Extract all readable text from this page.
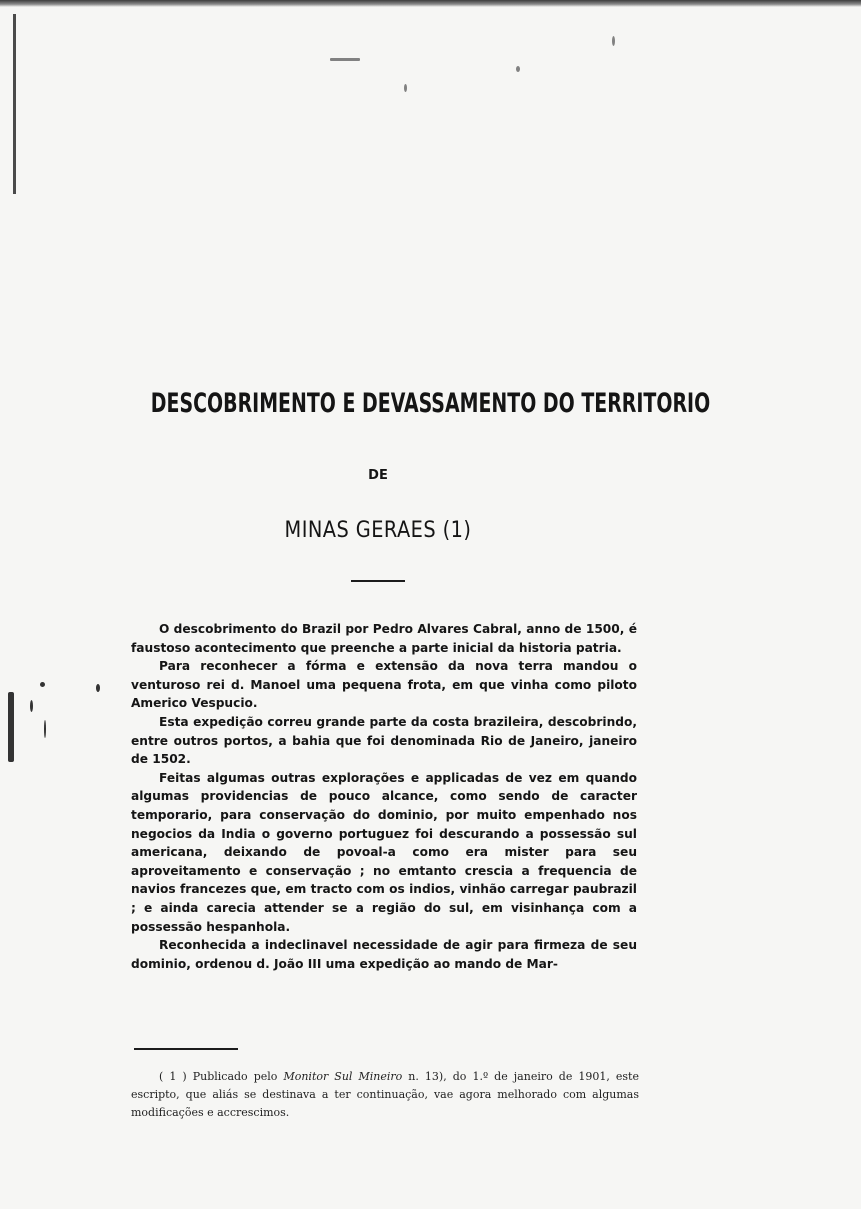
DESCOBRIMENTO E DEVASSAMENTO DO TERRITORIO
DE
MINAS GERAES (1)

O descobrimento do Brazil por Pedro Alvares Cabral, anno de 1500, é faustoso acontecimento que preenche a parte inicial da historia patria.

Para reconhecer a fórma e extensão da nova terra mandou o venturoso rei d. Manoel uma pequena frota, em que vinha como piloto Americo Vespucio.

Esta expedição correu grande parte da costa brazileira, descobrindo, entre outros portos, a bahia que foi denominada Rio de Janeiro, janeiro de 1502.

Feitas algumas outras explorações e applicadas de vez em quando algumas providencias de pouco alcance, como sendo de caracter temporario, para conservação do dominio, por muito empenhado nos negocios da India o governo portuguez foi descurando a possessão sul americana, deixando de povoal-a como era mister para seu aproveitamento e conservação ; no emtanto crescia a frequencia de navios francezes que, em tracto com os indios, vinhão carregar paubrazil ; e ainda carecia attender se a região do sul, em visinhança com a possessão hespanhola.

Reconhecida a indeclinavel necessidade de agir para firmeza de seu dominio, ordenou d. João III uma expedição ao mando de Mar-

( 1 ) Publicado pelo Monitor Sul Mineiro n. 13), do 1.º de janeiro de 1901, este escripto, que aliás se destinava a ter continuação, vae agora melhorado com algumas modificações e accrescimos.
